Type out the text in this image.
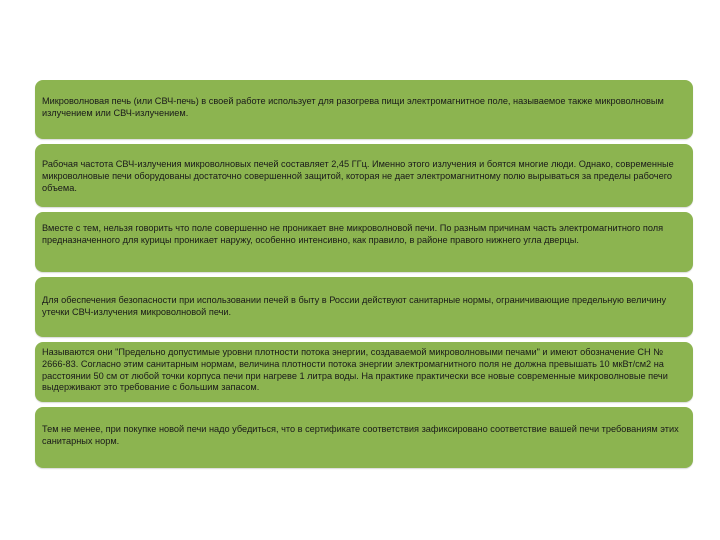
Микроволновая печь (или СВЧ-печь) в своей работе использует для разогрева пищи электромагнитное поле, называемое также микроволновым излучением или СВЧ-излучением.

Рабочая частота СВЧ-излучения микроволновых печей составляет 2,45 ГГц. Именно этого излучения и боятся многие люди. Однако, современные микроволновые печи оборудованы достаточно совершенной защитой, которая не дает электромагнитному полю вырываться за пределы рабочего объема.

Вместе с тем, нельзя говорить что поле совершенно не проникает вне микроволновой печи. По разным причинам часть электромагнитного поля предназначенного для курицы проникает наружу, особенно интенсивно, как правило, в районе правого нижнего угла дверцы.

Для обеспечения безопасности при использовании печей в быту в России действуют санитарные нормы, ограничивающие предельную величину утечки СВЧ-излучения микроволновой печи.

Называются они "Предельно допустимые уровни плотности потока энергии, создаваемой микроволновыми печами" и имеют обозначение СН № 2666-83. Согласно этим санитарным нормам, величина плотности потока энергии электромагнитного поля не должна превышать 10 мкВт/см2 на расстоянии 50 см от любой точки корпуса печи при нагреве 1 литра воды. На практике практически все новые современные микроволновые печи выдерживают это требование с большим запасом.

Тем не менее, при покупке новой печи надо убедиться, что в сертификате соответствия зафиксировано соответствие вашей печи требованиям этих санитарных норм.
